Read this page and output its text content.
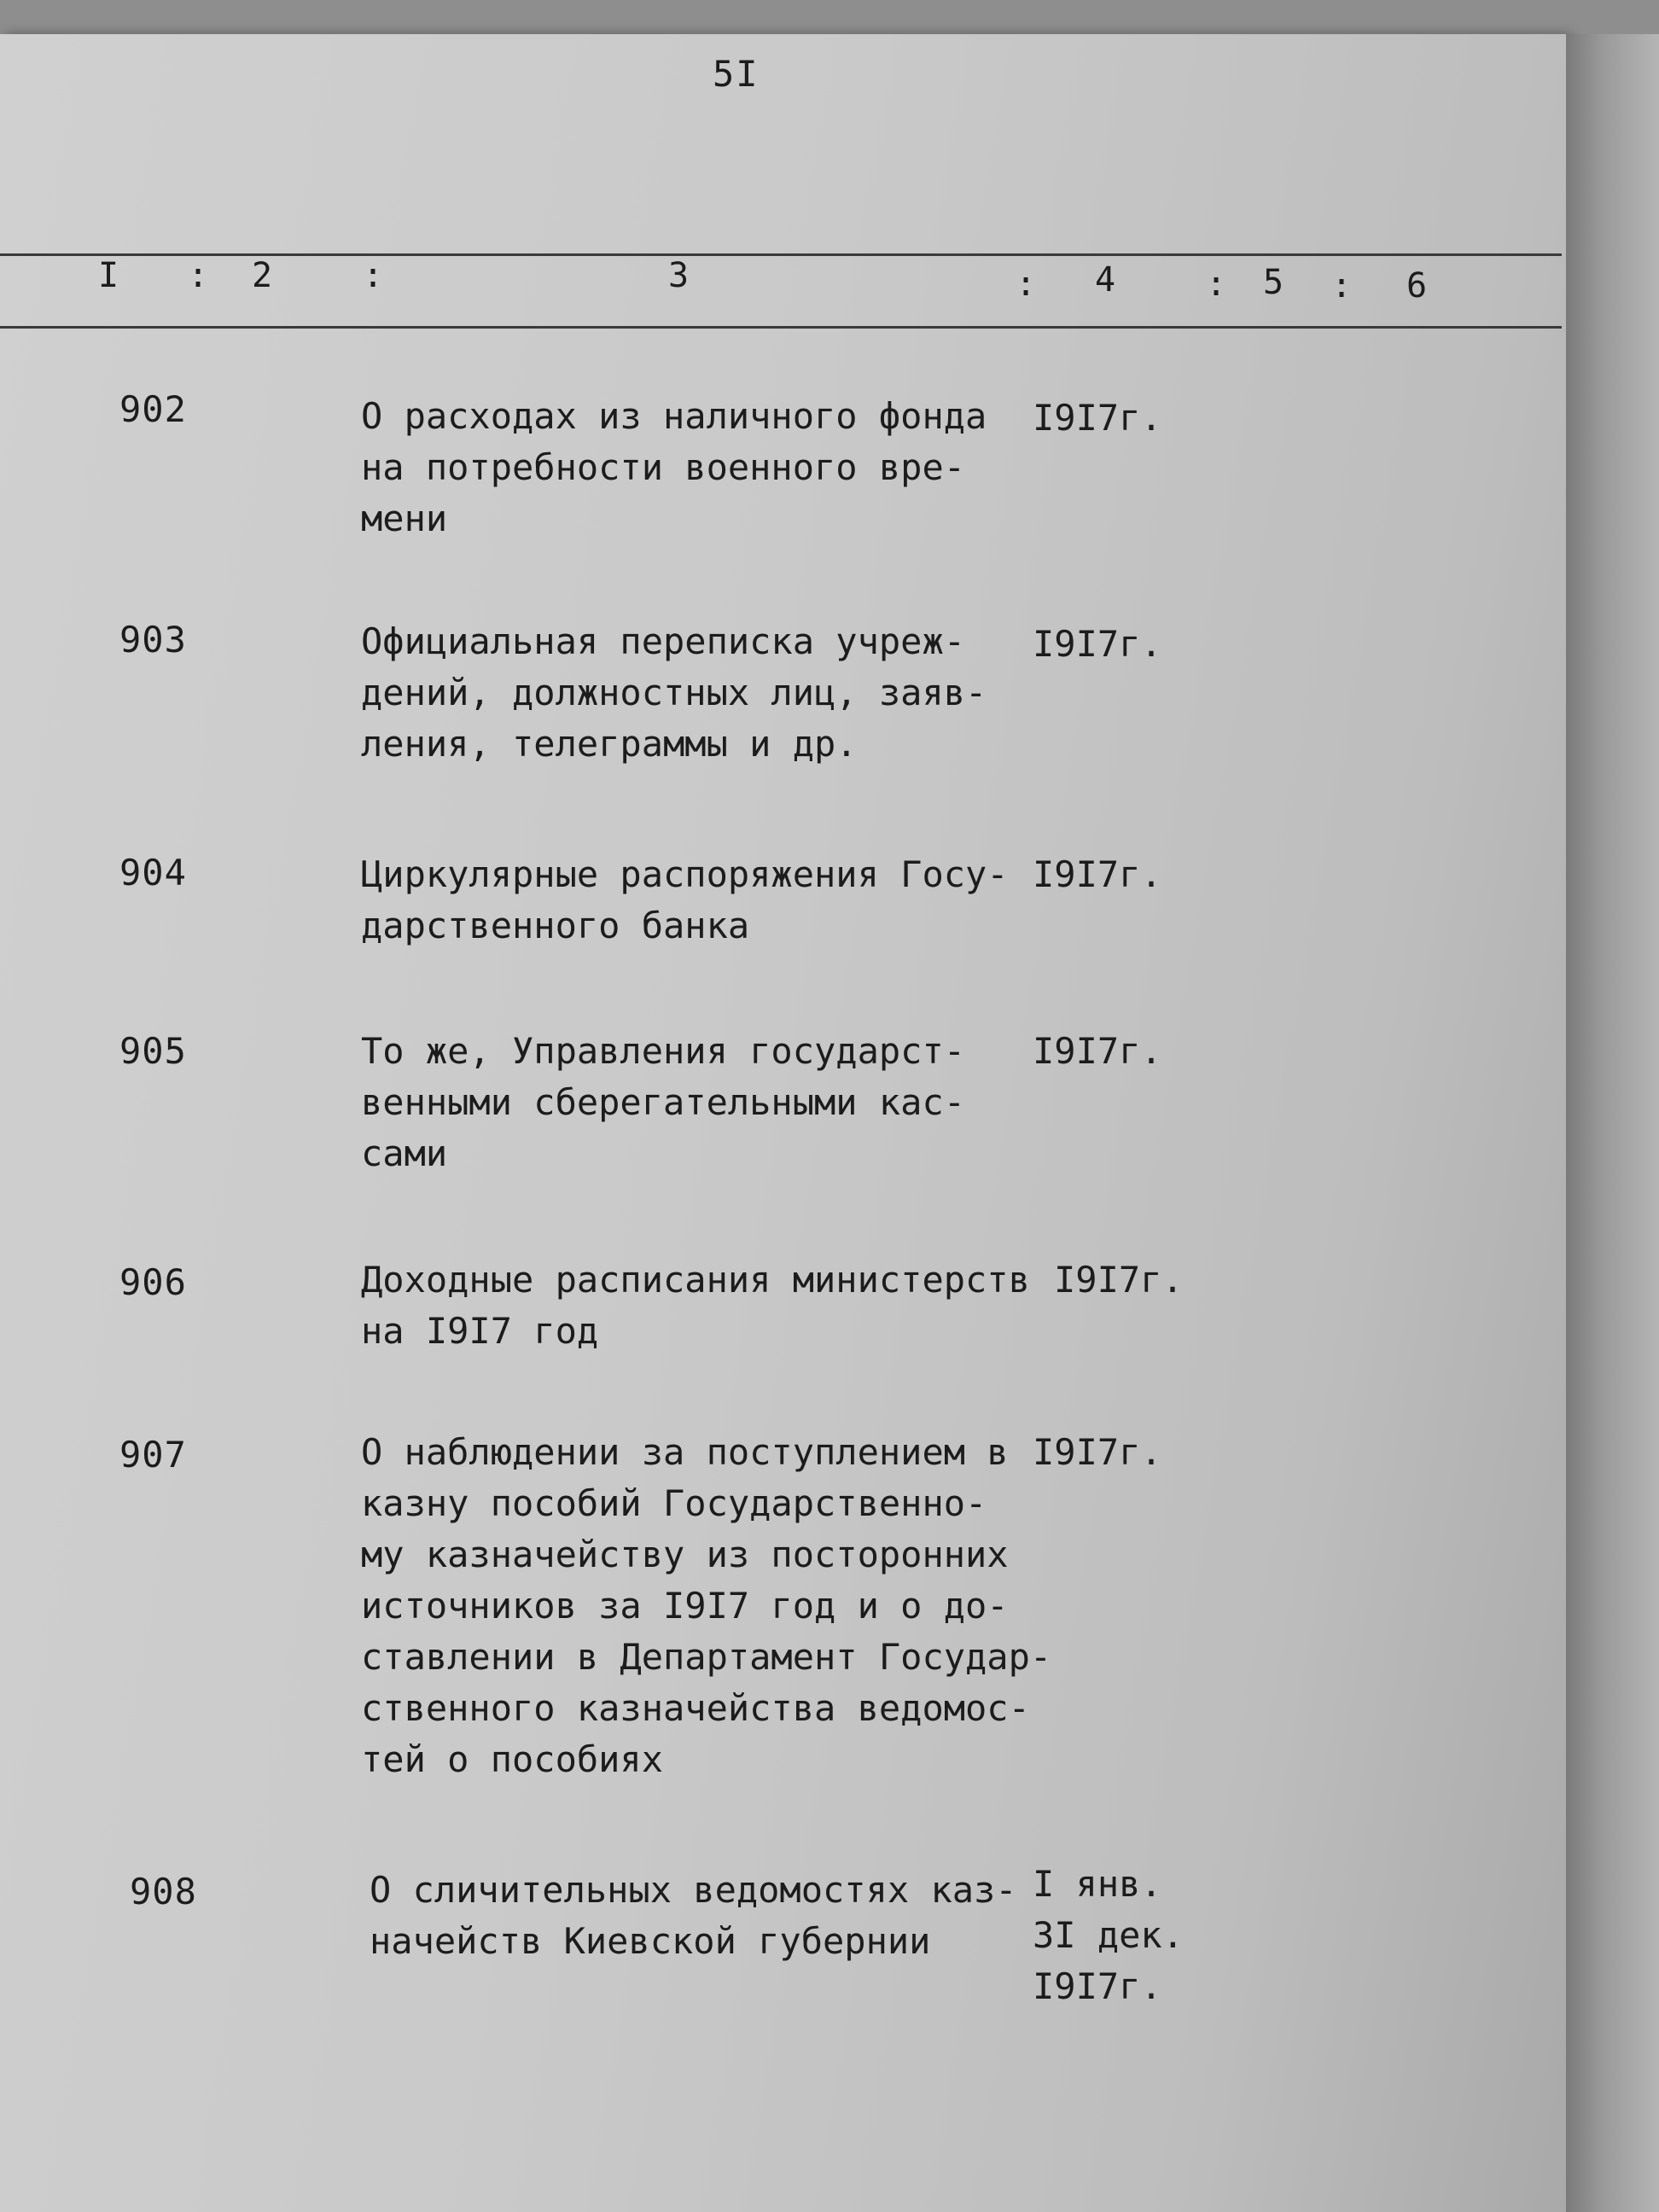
5I
I : 2	:	3	: 4	: 5 : 6
902	О расходах из наличного фонда
на потребности военного вре-
мени
I9I7г.
903	Официальная переписка учреж-
дений, должностных лиц, заяв-
ления, телеграммы и др.
I9I7г.
904	Циркулярные распоряжения Госу-
дарственного банка
I9I7г.
905	То же, Управления государст-
венными сберегательными кас-
сами
I9I7г.
906	Доходные расписания министерств
на I9I7 год
I9I7г.
907	О наблюдении за поступлением в
казну пособий Государственно-
му казначейству из посторонних
источников за I9I7 год и о до-
ставлении в Департамент Государ-
ственного казначейства ведомос-
тей о пособиях
I9I7г.
908	О сличительных ведомостях каз-
начейств Киевской губернии
I янв.
3I дек.
I9I7г.
